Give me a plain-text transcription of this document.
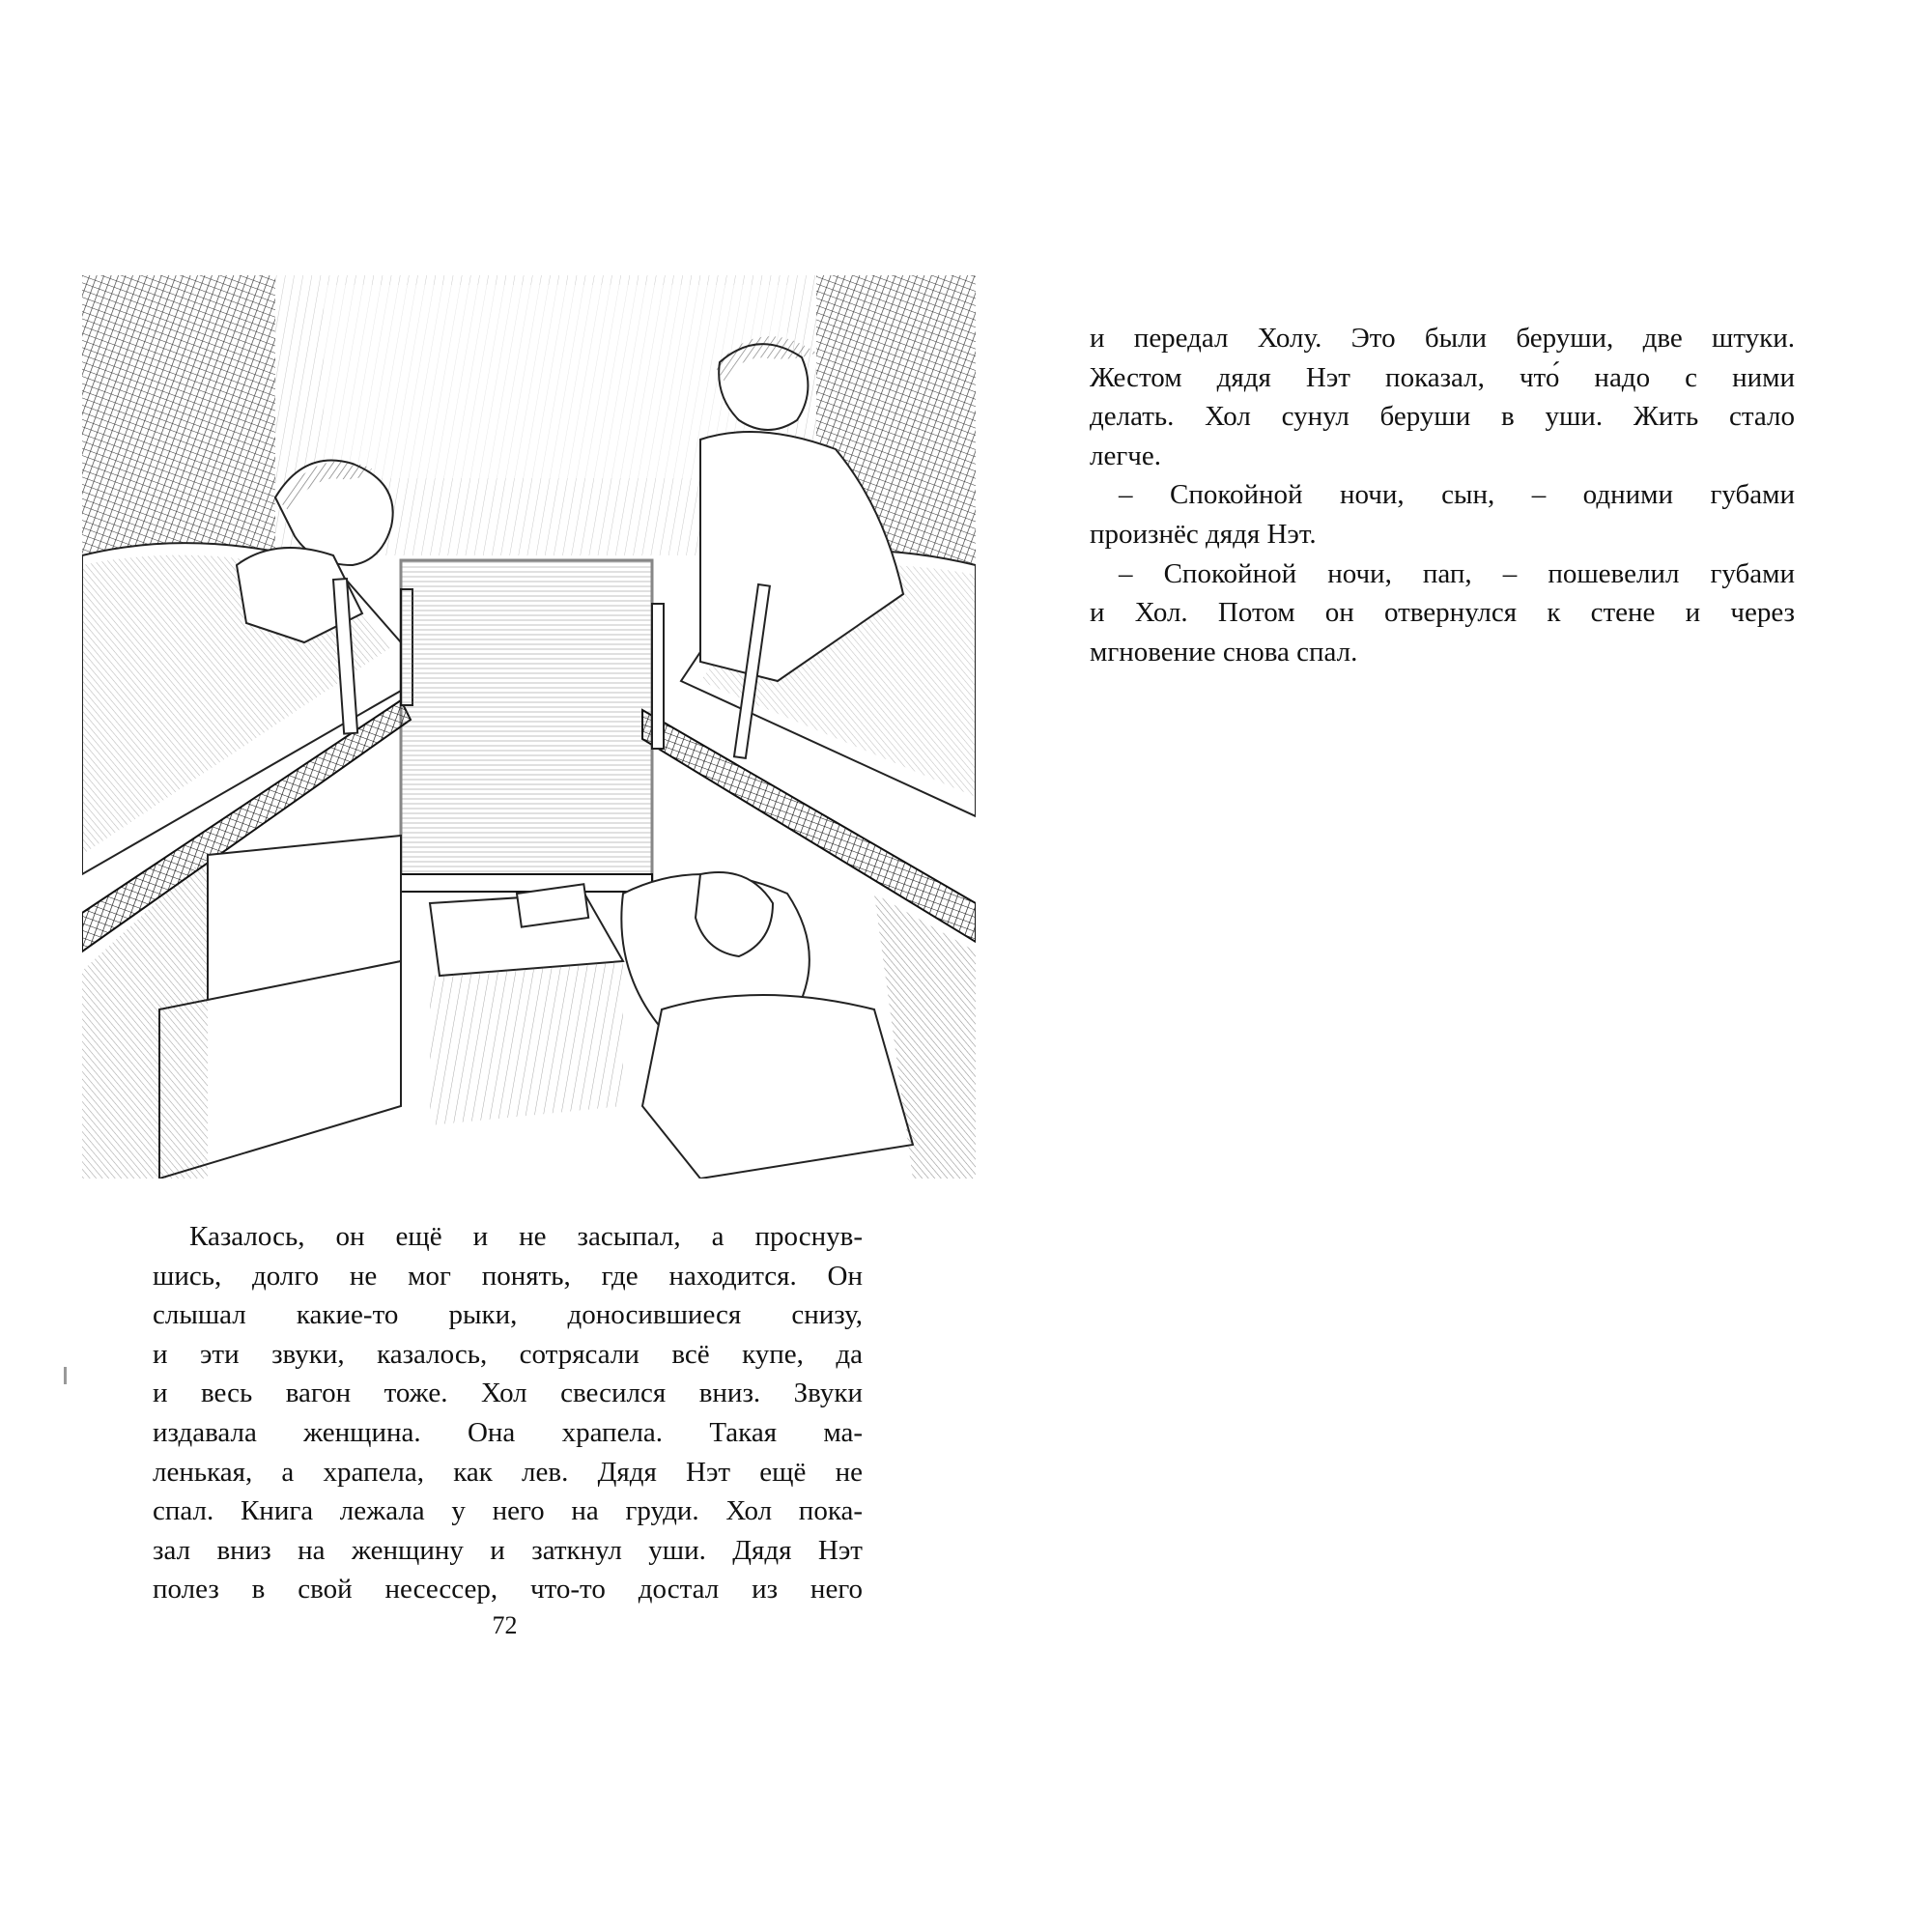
Казалось, он ещё и не засыпал, а проснув-
шись, долго не мог понять, где находится. Он
слышал какие-то рыки, доносившиеся снизу,
и эти звуки, казалось, сотрясали всё купе, да
и весь вагон тоже. Хол свесился вниз. Звуки
издавала женщина. Она храпела. Такая ма-
ленькая, а храпела, как лев. Дядя Нэт ещё не
спал. Книга лежала у него на груди. Хол пока-
зал вниз на женщину и заткнул уши. Дядя Нэт
полез в свой несессер, что-то достал из него

72

и передал Холу. Это были беруши, две штуки.
Жестом дядя Нэт показал, что́ надо с ними
делать. Хол сунул беруши в уши. Жить стало
легче.
– Спокойной ночи, сын, – одними губами
произнёс дядя Нэт.
– Спокойной ночи, пап, – пошевелил губами
и Хол. Потом он отвернулся к стене и через
мгновение снова спал.
